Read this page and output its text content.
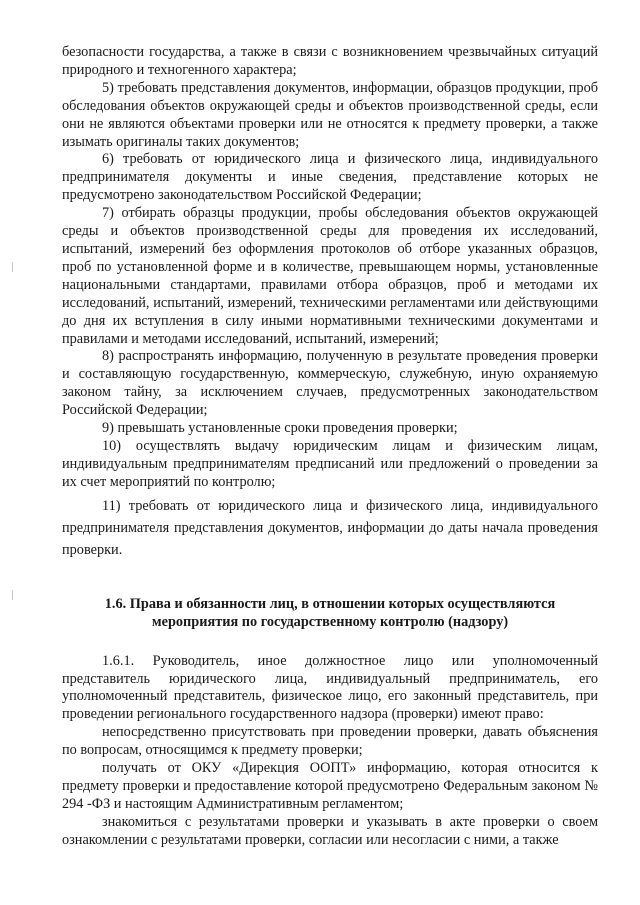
безопасности государства, а также в связи с возникновением чрезвычайных ситуаций природного и техногенного характера;

5) требовать представления документов, информации, образцов продукции, проб обследования объектов окружающей среды и объектов производственной среды, если они не являются объектами проверки или не относятся к предмету проверки, а также изымать оригиналы таких документов;

6) требовать от юридического лица и физического лица, индивидуального предпринимателя документы и иные сведения, представление которых не предусмотрено законодательством Российской Федерации;

7) отбирать образцы продукции, пробы обследования объектов окружающей среды и объектов производственной среды для проведения их исследований, испытаний, измерений без оформления протоколов об отборе указанных образцов, проб по установленной форме и в количестве, превышающем нормы, установленные национальными стандартами, правилами отбора образцов, проб и методами их исследований, испытаний, измерений, техническими регламентами или действующими до дня их вступления в силу иными нормативными техническими документами и правилами и методами исследований, испытаний, измерений;

8) распространять информацию, полученную в результате проведения проверки и составляющую государственную, коммерческую, служебную, иную охраняемую законом тайну, за исключением случаев, предусмотренных законодательством Российской Федерации;

9) превышать установленные сроки проведения проверки;

10) осуществлять выдачу юридическим лицам и физическим лицам, индивидуальным предпринимателям предписаний или предложений о проведении за их счет мероприятий по контролю;

11) требовать от юридического лица и физического лица, индивидуального предпринимателя представления документов, информации до даты начала проведения проверки.

1.6. Права и обязанности лиц, в отношении которых осуществляются
мероприятия по государственному контролю (надзору)

1.6.1. Руководитель, иное должностное лицо или уполномоченный представитель юридического лица, индивидуальный предприниматель, его уполномоченный представитель, физическое лицо, его законный представитель, при проведении регионального государственного надзора (проверки) имеют право:

непосредственно присутствовать при проведении проверки, давать объяснения по вопросам, относящимся к предмету проверки;

получать от ОКУ «Дирекция ООПТ» информацию, которая относится к предмету проверки и предоставление которой предусмотрено Федеральным законом № 294 -ФЗ и настоящим Административным регламентом;

знакомиться с результатами проверки и указывать в акте проверки о своем ознакомлении с результатами проверки, согласии или несогласии с ними, а также
